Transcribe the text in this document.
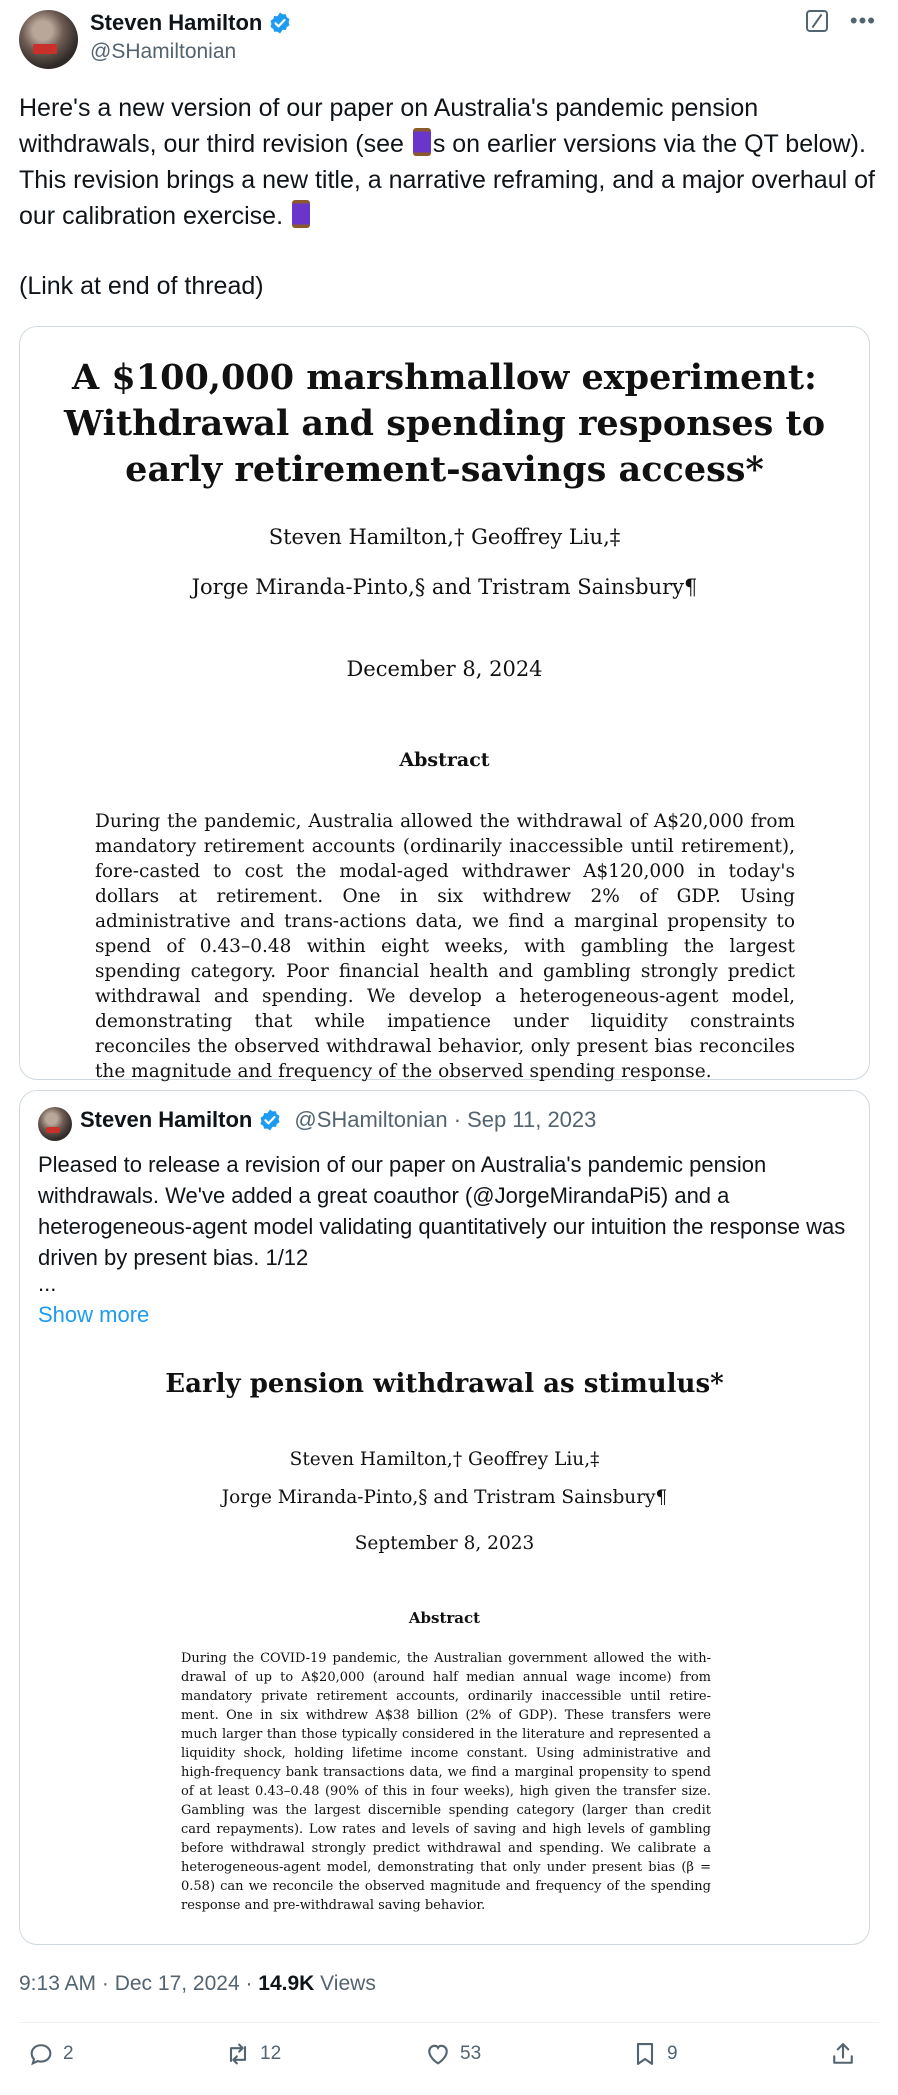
Steven Hamilton
@SHamiltonian
•••

Here's a new version of our paper on Australia's pandemic pension withdrawals, our third revision (see s on earlier versions via the QT below). This revision brings a new title, a narrative reframing, and a major overhaul of our calibration exercise.

(Link at end of thread)
A $100,000 marshmallow experiment:
Withdrawal and spending responses to
early retirement-savings access*
Steven Hamilton,† Geoffrey Liu,‡
Jorge Miranda-Pinto,§ and Tristram Sainsbury¶
December 8, 2024
Abstract
During the pandemic, Australia allowed the withdrawal of A$20,000 from mandatory retirement accounts (ordinarily inaccessible until retirement), fore-casted to cost the modal-aged withdrawer A$120,000 in today's dollars at retirement. One in six withdrew 2% of GDP. Using administrative and trans-actions data, we find a marginal propensity to spend of 0.43–0.48 within eight weeks, with gambling the largest spending category. Poor financial health and gambling strongly predict withdrawal and spending. We develop a heterogeneous-agent model, demonstrating that while impatience under liquidity constraints reconciles the observed withdrawal behavior, only present bias reconciles the magnitude and frequency of the observed spending response.
Steven Hamilton @SHamiltonian · Sep 11, 2023
Pleased to release a revision of our paper on Australia's pandemic pension withdrawals. We've added a great coauthor (@JorgeMirandaPi5) and a heterogeneous-agent model validating quantitatively our intuition the response was driven by present bias. 1/12
...
Show more
Early pension withdrawal as stimulus*
Steven Hamilton,† Geoffrey Liu,‡
Jorge Miranda-Pinto,§ and Tristram Sainsbury¶
September 8, 2023
Abstract
During the COVID-19 pandemic, the Australian government allowed the with-drawal of up to A$20,000 (around half median annual wage income) from mandatory private retirement accounts, ordinarily inaccessible until retire-ment. One in six withdrew A$38 billion (2% of GDP). These transfers were much larger than those typically considered in the literature and represented a liquidity shock, holding lifetime income constant. Using administrative and high-frequency bank transactions data, we find a marginal propensity to spend of at least 0.43–0.48 (90% of this in four weeks), high given the transfer size. Gambling was the largest discernible spending category (larger than credit card repayments). Low rates and levels of saving and high levels of gambling before withdrawal strongly predict withdrawal and spending. We calibrate a heterogeneous-agent model, demonstrating that only under present bias (β = 0.58) can we reconcile the observed magnitude and frequency of the spending response and pre-withdrawal saving behavior.
9:13 AM · Dec 17, 2024 · 14.9K Views
2	12	53	9
